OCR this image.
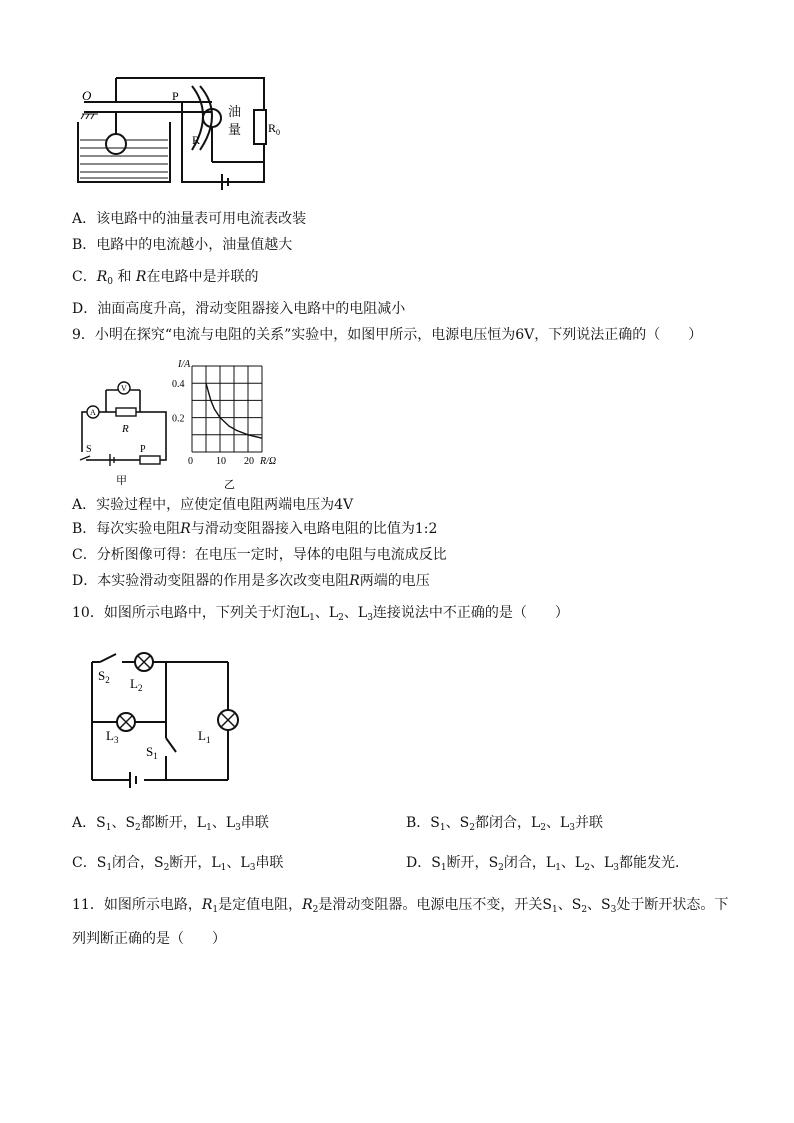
O	P
R
油
量 $R_0$
A．该电路中的油量表可用电流表改装
B．电路中的电流越小，油量值越大
C．$R_0$ 和 R在电路中是并联的
D．油面高度升高，滑动变阻器接入电路中的电阻减小
9．小明在探究“电流与电阻的关系”实验中，如图甲所示，电源电压恒为6V，下列说法正确的（　　）
V
A
R
S	P
甲
0 10 20
0.2
0.4
I/A
R/Ω
乙
A．实验过程中，应使定值电阻两端电压为4V
B．每次实验电阻R与滑动变阻器接入电路电阻的比值为1:2
C．分析图像可得：在电压一定时，导体的电阻与电流成反比
D．本实验滑动变阻器的作用是多次改变电阻R两端的电压
10．如图所示电路中，下列关于灯泡$L_1$、$L_2$、$L_3$连接说法中不正确的是（　　）
$S_2$ $L_2$
$L_3$
$S_1$
$L_1$
A．$S_1$、$S_2$都断开，$L_1$、$L_3$串联	B．$S_1$、$S_2$都闭合，$L_2$、$L_3$并联
C．$S_1$闭合，$S_2$断开，$L_1$、$L_3$串联	D．$S_1$断开，$S_2$闭合，$L_1$、$L_2$、$L_3$都能发光．
11．如图所示电路，$R_1$是定值电阻，$R_2$是滑动变阻器。电源电压不变，开关$S_1$、$S_2$、$S_3$处于断开状态。下
列判断正确的是（　　）
